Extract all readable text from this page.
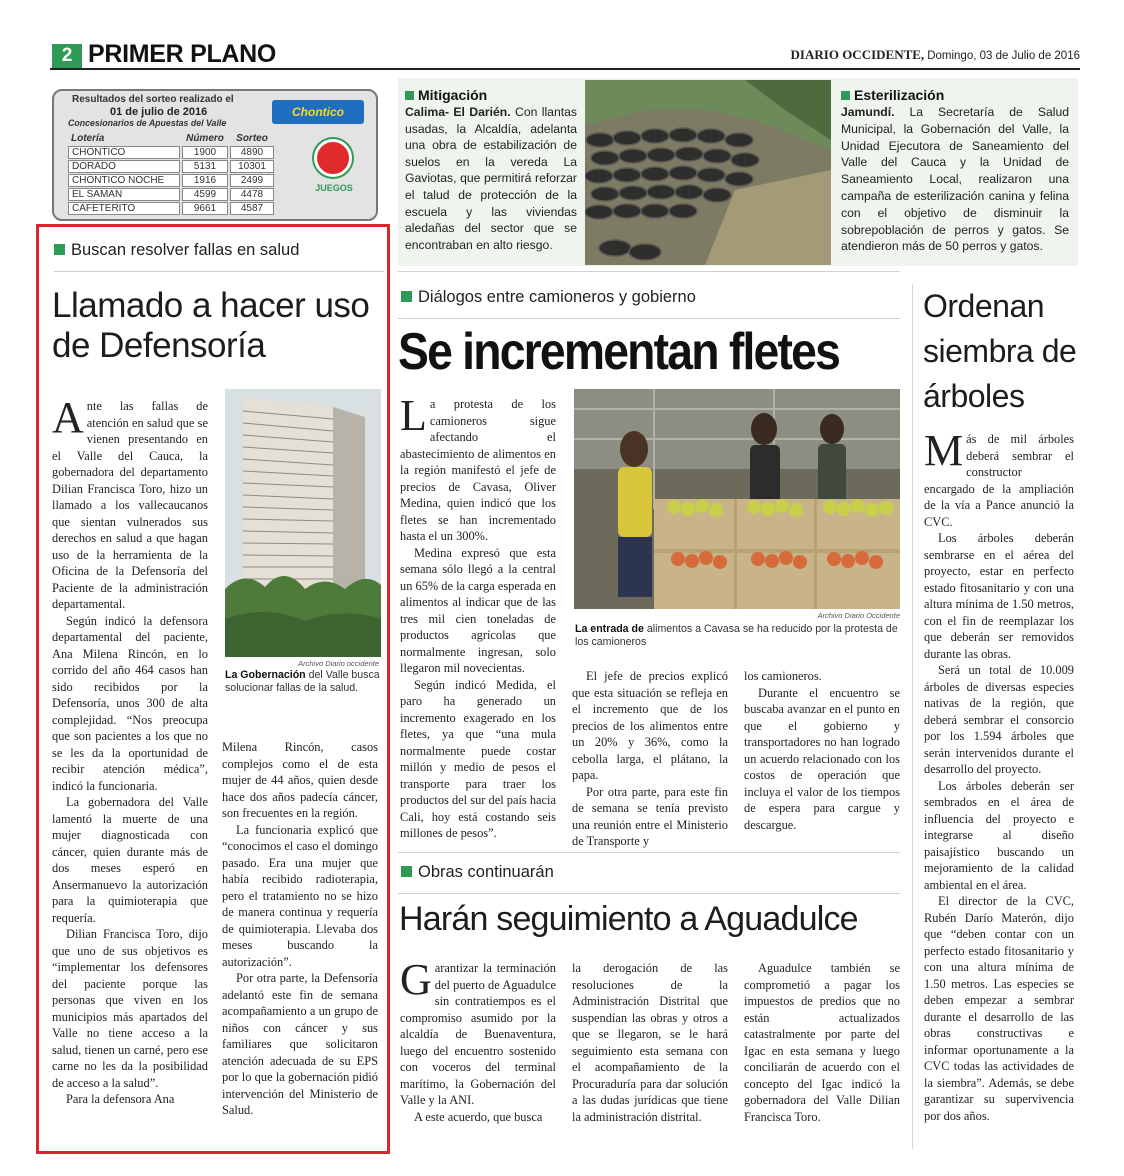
2 PRIMER PLANO	DIARIO OCCIDENTE, Domingo, 03 de Julio de 2016
Resultados del sorteo realizado el
01 de julio de 2016
Concesionarios de Apuestas del Valle
Chontico
Lotería	Número	Sorteo
CHONTICO	1900	4890
DORADO	5131	10301
CHONTICO NOCHE	1916	2499
EL SAMAN	4599	4478
CAFETERITO	9661	4587
JUEGOS
Mitigación
Calima- El Darién. Con llantas usadas, la Alcaldía, adelanta una obra de estabilización de suelos en la vereda La Gaviotas, que permitirá reforzar el talud de protección de la escuela y las viviendas aledañas del sector que se encontraban en alto riesgo.
Esterilización
Jamundí. La Secretaría de Salud Municipal, la Gobernación del Valle, la Unidad Ejecutora de Saneamiento del Valle del Cauca y la Unidad de Saneamiento Local, realizaron una campaña de esterilización canina y felina con el objetivo de disminuir la sobrepoblación de perros y gatos. Se atendieron más de 50 perros y gatos.
Buscan resolver fallas en salud
Llamado a hacer uso de Defensoría

Ante las fallas de atención en salud que se vienen presentando en el Valle del Cauca, la gobernadora del departamento Dilian Francisca Toro, hizo un llamado a los vallecaucanos que sientan vulnerados sus derechos en salud a que hagan uso de la herramienta de la Oficina de la Defensoría del Paciente de la administración departamental.

Según indicó la defensora departamental del paciente, Ana Milena Rincón, en lo corrido del año 464 casos han sido recibidos por la Defensoría, unos 300 de alta complejidad. “Nos preocupa que son pacientes a los que no se les da la oportunidad de recibir atención médica”, indicó la funcionaria.

La gobernadora del Valle lamentó la muerte de una mujer diagnosticada con cáncer, quien durante más de dos meses esperó en Ansermanuevo la autorización para la quimioterapia que requería.

Dilian Francisca Toro, dijo que uno de sus objetivos es “implementar los defensores del paciente porque las personas que viven en los municipios más apartados del Valle no tiene acceso a la salud, tienen un carné, pero ese carne no les da la posibilidad de acceso a la salud”.

Para la defensora Ana

Archivo Diario occidente
La Gobernación del Valle busca solucionar fallas de la salud.

Milena Rincón, casos complejos como el de esta mujer de 44 años, quien desde hace dos años padecía cáncer, son frecuentes en la región.

La funcionaria explicó que “conocimos el caso el domingo pasado. Era una mujer que había recibido radioterapia, pero el tratamiento no se hizo de manera continua y requería de quimioterapia. Llevaba dos meses buscando la autorización”.

Por otra parte, la Defensoría adelantó este fin de semana acompañamiento a un grupo de niños con cáncer y sus familiares que solicitaron atención adecuada de su EPS por lo que la gobernación pidió intervención del Ministerio de Salud.

Diálogos entre camioneros y gobierno
Se incrementan fletes

La protesta de los camioneros sigue afectando el abastecimiento de alimentos en la región manifestó el jefe de precios de Cavasa, Oliver Medina, quien indicó que los fletes se han incrementado hasta el un 300%.

Medina expresó que esta semana sólo llegó a la central un 65% de la carga esperada en alimentos al indicar que de las tres mil cien toneladas de productos agrícolas que normalmente ingresan, solo llegaron mil novecientas.

Según indicó Medida, el paro ha generado un incremento exagerado en los fletes, ya que “una mula normalmente puede costar millón y medio de pesos el transporte para traer los productos del sur del país hacia Cali, hoy está costando seis millones de pesos”.

Archivo Diario Occidente
La entrada de alimentos a Cavasa se ha reducido por la protesta de los camioneros

El jefe de precios explicó que esta situación se refleja en el incremento que de los precios de los alimentos entre un 20% y 36%, como la cebolla larga, el plátano, la papa.

Por otra parte, para este fin de semana se tenía previsto una reunión entre el Ministerio de Transporte y

los camioneros.

Durante el encuentro se buscaba avanzar en el punto en que el gobierno y transportadores no han logrado un acuerdo relacionado con los costos de operación que incluya el valor de los tiempos de espera para cargue y descargue.

Ordenan siembra de árboles

Más de mil árboles deberá sembrar el constructor encargado de la ampliación de la vía a Pance anunció la CVC.

Los árboles deberán sembrarse en el aérea del proyecto, estar en perfecto estado fitosanitario y con una altura mínima de 1.50 metros, con el fin de reemplazar los que deberán ser removidos durante las obras.

Será un total de 10.009 árboles de diversas especies nativas de la región, que deberá sembrar el consorcio por los 1.594 árboles que serán intervenidos durante el desarrollo del proyecto.

Los árboles deberán ser sembrados en el área de influencia del proyecto e integrarse al diseño paisajístico buscando un mejoramiento de la calidad ambiental en el área.

El director de la CVC, Rubén Darío Materón, dijo que “deben contar con un perfecto estado fitosanitario y con una altura mínima de 1.50 metros. Las especies se deben empezar a sembrar durante el desarrollo de las obras constructivas e informar oportunamente a la CVC todas las actividades de la siembra”. Además, se debe garantizar su supervivencia por dos años.

Obras continuarán
Harán seguimiento a Aguadulce

Garantizar la terminación del puerto de Aguadulce sin contratiempos es el compromiso asumido por la alcaldía de Buenaventura, luego del encuentro sostenido con voceros del terminal marítimo, la Gobernación del Valle y la ANI.

A este acuerdo, que busca

la derogación de las resoluciones de la Administración Distrital que suspendían las obras y otros a que se llegaron, se le hará seguimiento esta semana con el acompañamiento de la Procuraduría para dar solución a las dudas jurídicas que tiene la administración distrital.

Aguadulce también se comprometió a pagar los impuestos de predios que no están actualizados catastralmente por parte del Igac en esta semana y luego conciliarán de acuerdo con el concepto del Igac indicó la gobernadora del Valle Dilian Francisca Toro.
